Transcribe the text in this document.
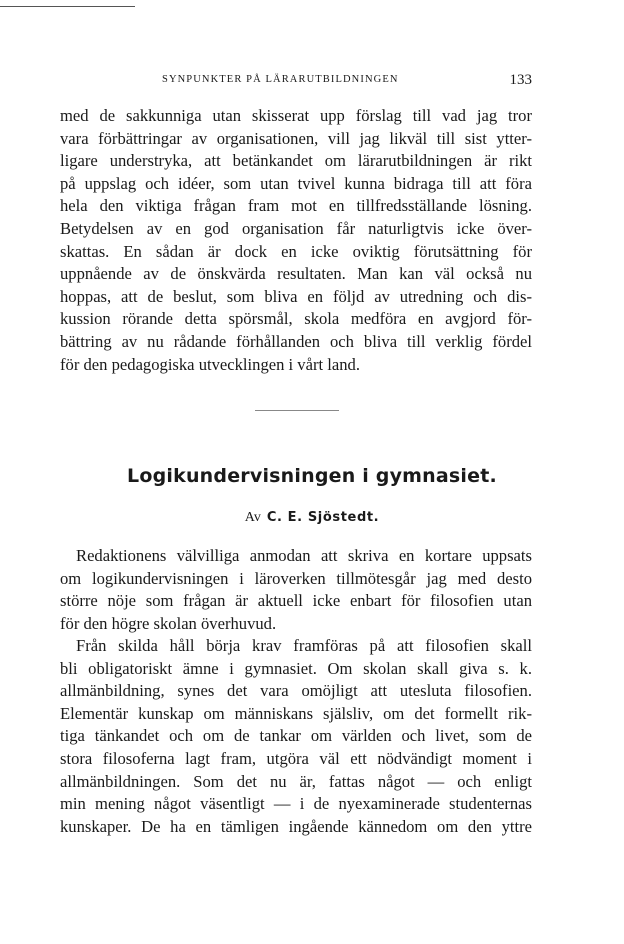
SYNPUNKTER PÅ LÄRARUTBILDNINGEN	133
med de sakkunniga utan skisserat upp förslag till vad jag tror
vara förbättringar av organisationen, vill jag likväl till sist ytter-
ligare understryka, att betänkandet om lärarutbildningen är rikt
på uppslag och idéer, som utan tvivel kunna bidraga till att föra
hela den viktiga frågan fram mot en tillfredsställande lösning.
Betydelsen av en god organisation får naturligtvis icke över-
skattas. En sådan är dock en icke oviktig förutsättning för
uppnående av de önskvärda resultaten. Man kan väl också nu
hoppas, att de beslut, som bliva en följd av utredning och dis-
kussion rörande detta spörsmål, skola medföra en avgjord för-
bättring av nu rådande förhållanden och bliva till verklig fördel
för den pedagogiska utvecklingen i vårt land.
Logikundervisningen i gymnasiet.
Av C. E. Sjöstedt.
Redaktionens välvilliga anmodan att skriva en kortare uppsats
om logikundervisningen i läroverken tillmötesgår jag med desto
större nöje som frågan är aktuell icke enbart för filosofien utan
för den högre skolan överhuvud.
Från skilda håll börja krav framföras på att filosofien skall
bli obligatoriskt ämne i gymnasiet. Om skolan skall giva s. k.
allmänbildning, synes det vara omöjligt att utesluta filosofien.
Elementär kunskap om människans själsliv, om det formellt rik-
tiga tänkandet och om de tankar om världen och livet, som de
stora filosoferna lagt fram, utgöra väl ett nödvändigt moment i
allmänbildningen. Som det nu är, fattas något — och enligt
min mening något väsentligt — i de nyexaminerade studenternas
kunskaper. De ha en tämligen ingående kännedom om den yttre
